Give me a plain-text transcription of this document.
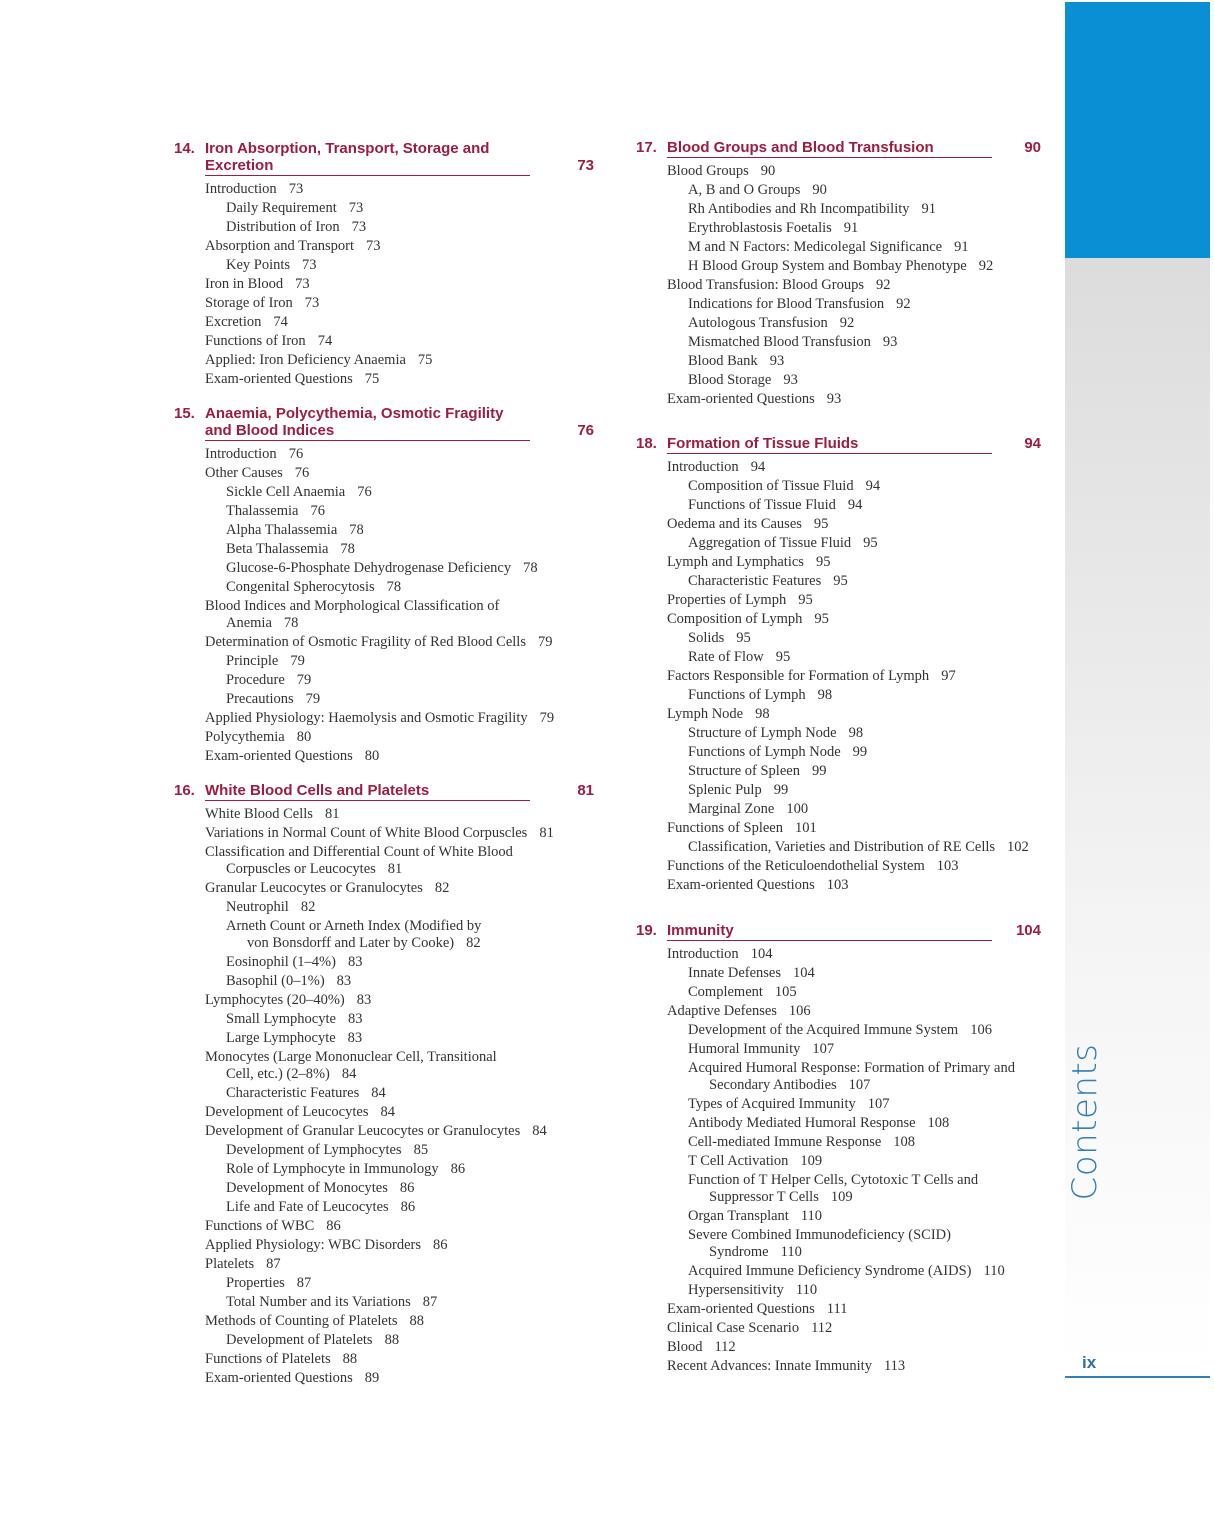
Contents
ix
14. Iron Absorption, Transport, Storage and Excretion	73
Introduction 73
Daily Requirement 73
Distribution of Iron 73
Absorption and Transport 73
Key Points 73
Iron in Blood 73
Storage of Iron 73
Excretion 74
Functions of Iron 74
Applied: Iron Deficiency Anaemia 75
Exam-oriented Questions 75
15. Anaemia, Polycythemia, Osmotic Fragility and Blood Indices	76
Introduction 76
Other Causes 76
Sickle Cell Anaemia 76
Thalassemia 76
Alpha Thalassemia 78
Beta Thalassemia 78
Glucose-6-Phosphate Dehydrogenase Deficiency 78
Congenital Spherocytosis 78
Blood Indices and Morphological Classification of
Anemia 78
Determination of Osmotic Fragility of Red Blood Cells 79
Principle 79
Procedure 79
Precautions 79
Applied Physiology: Haemolysis and Osmotic Fragility 79
Polycythemia 80
Exam-oriented Questions 80
16. White Blood Cells and Platelets	81
White Blood Cells 81
Variations in Normal Count of White Blood Corpuscles 81
Classification and Differential Count of White Blood
Corpuscles or Leucocytes 81
Granular Leucocytes or Granulocytes 82
Neutrophil 82
Arneth Count or Arneth Index (Modified by
von Bonsdorff and Later by Cooke) 82
Eosinophil (1–4%) 83
Basophil (0–1%) 83
Lymphocytes (20–40%) 83
Small Lymphocyte 83
Large Lymphocyte 83
Monocytes (Large Mononuclear Cell, Transitional
Cell, etc.) (2–8%) 84
Characteristic Features 84
Development of Leucocytes 84
Development of Granular Leucocytes or Granulocytes 84
Development of Lymphocytes 85
Role of Lymphocyte in Immunology 86
Development of Monocytes 86
Life and Fate of Leucocytes 86
Functions of WBC 86
Applied Physiology: WBC Disorders 86
Platelets 87
Properties 87
Total Number and its Variations 87
Methods of Counting of Platelets 88
Development of Platelets 88
Functions of Platelets 88
Exam-oriented Questions 89
17. Blood Groups and Blood Transfusion	90
Blood Groups 90
A, B and O Groups 90
Rh Antibodies and Rh Incompatibility 91
Erythroblastosis Foetalis 91
M and N Factors: Medicolegal Significance 91
H Blood Group System and Bombay Phenotype 92
Blood Transfusion: Blood Groups 92
Indications for Blood Transfusion 92
Autologous Transfusion 92
Mismatched Blood Transfusion 93
Blood Bank 93
Blood Storage 93
Exam-oriented Questions 93
18. Formation of Tissue Fluids	94
Introduction 94
Composition of Tissue Fluid 94
Functions of Tissue Fluid 94
Oedema and its Causes 95
Aggregation of Tissue Fluid 95
Lymph and Lymphatics 95
Characteristic Features 95
Properties of Lymph 95
Composition of Lymph 95
Solids 95
Rate of Flow 95
Factors Responsible for Formation of Lymph 97
Functions of Lymph 98
Lymph Node 98
Structure of Lymph Node 98
Functions of Lymph Node 99
Structure of Spleen 99
Splenic Pulp 99
Marginal Zone 100
Functions of Spleen 101
Classification, Varieties and Distribution of RE Cells 102
Functions of the Reticuloendothelial System 103
Exam-oriented Questions 103
19. Immunity	104
Introduction 104
Innate Defenses 104
Complement 105
Adaptive Defenses 106
Development of the Acquired Immune System 106
Humoral Immunity 107
Acquired Humoral Response: Formation of Primary and
Secondary Antibodies 107
Types of Acquired Immunity 107
Antibody Mediated Humoral Response 108
Cell-mediated Immune Response 108
T Cell Activation 109
Function of T Helper Cells, Cytotoxic T Cells and
Suppressor T Cells 109
Organ Transplant 110
Severe Combined Immunodeficiency (SCID)
Syndrome 110
Acquired Immune Deficiency Syndrome (AIDS) 110
Hypersensitivity 110
Exam-oriented Questions 111
Clinical Case Scenario 112
Blood 112
Recent Advances: Innate Immunity 113
